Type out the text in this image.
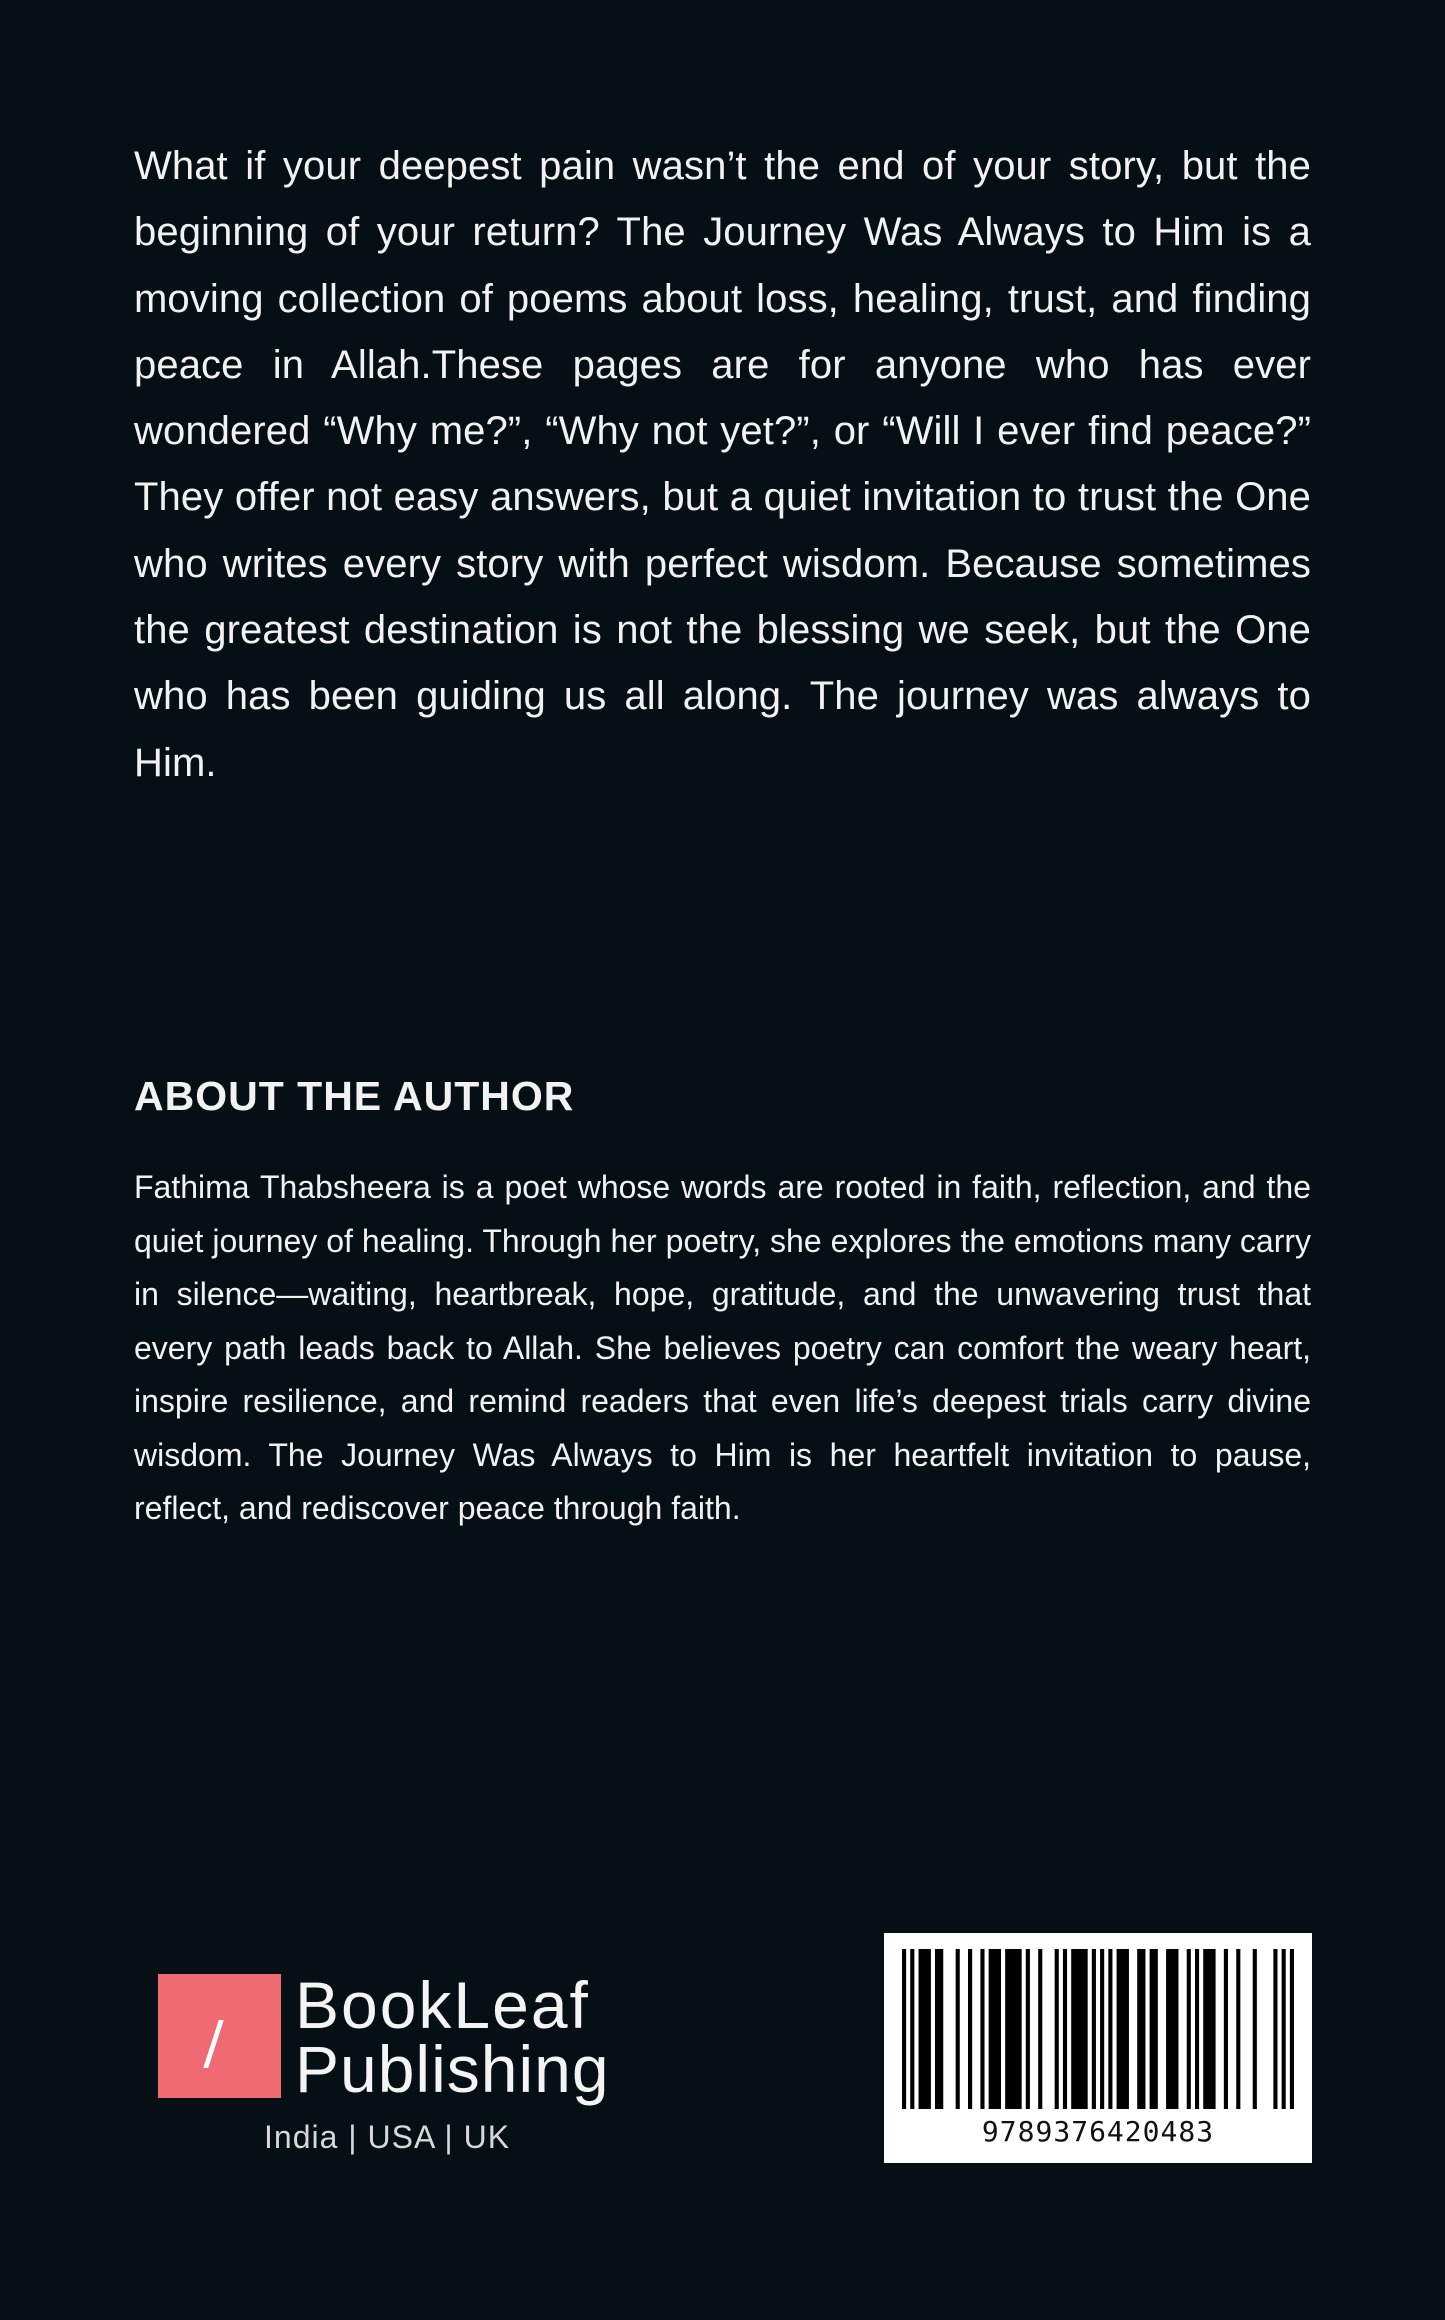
What if your deepest pain wasn’t the end of your story, but the beginning of your return? The Journey Was Always to Him is a moving collection of poems about loss, healing, trust, and finding peace in Allah.These pages are for anyone who has ever wondered “Why me?”, “Why not yet?”, or “Will I ever find peace?” They offer not easy answers, but a quiet invitation to trust the One who writes every story with perfect wisdom. Because sometimes the greatest destination is not the blessing we seek, but the One who has been guiding us all along. The journey was always to Him.

ABOUT THE AUTHOR

Fathima Thabsheera is a poet whose words are rooted in faith, reflection, and the quiet journey of healing. Through her poetry, she explores the emotions many carry in silence—waiting, heartbreak, hope, gratitude, and the unwavering trust that every path leads back to Allah. She believes poetry can comfort the weary heart, inspire resilience, and remind readers that even life’s deepest trials carry divine wisdom. The Journey Was Always to Him is her heartfelt invitation to pause, reflect, and rediscover peace through faith.

BookLeaf
Publishing
India | USA | UK	9789376420483
